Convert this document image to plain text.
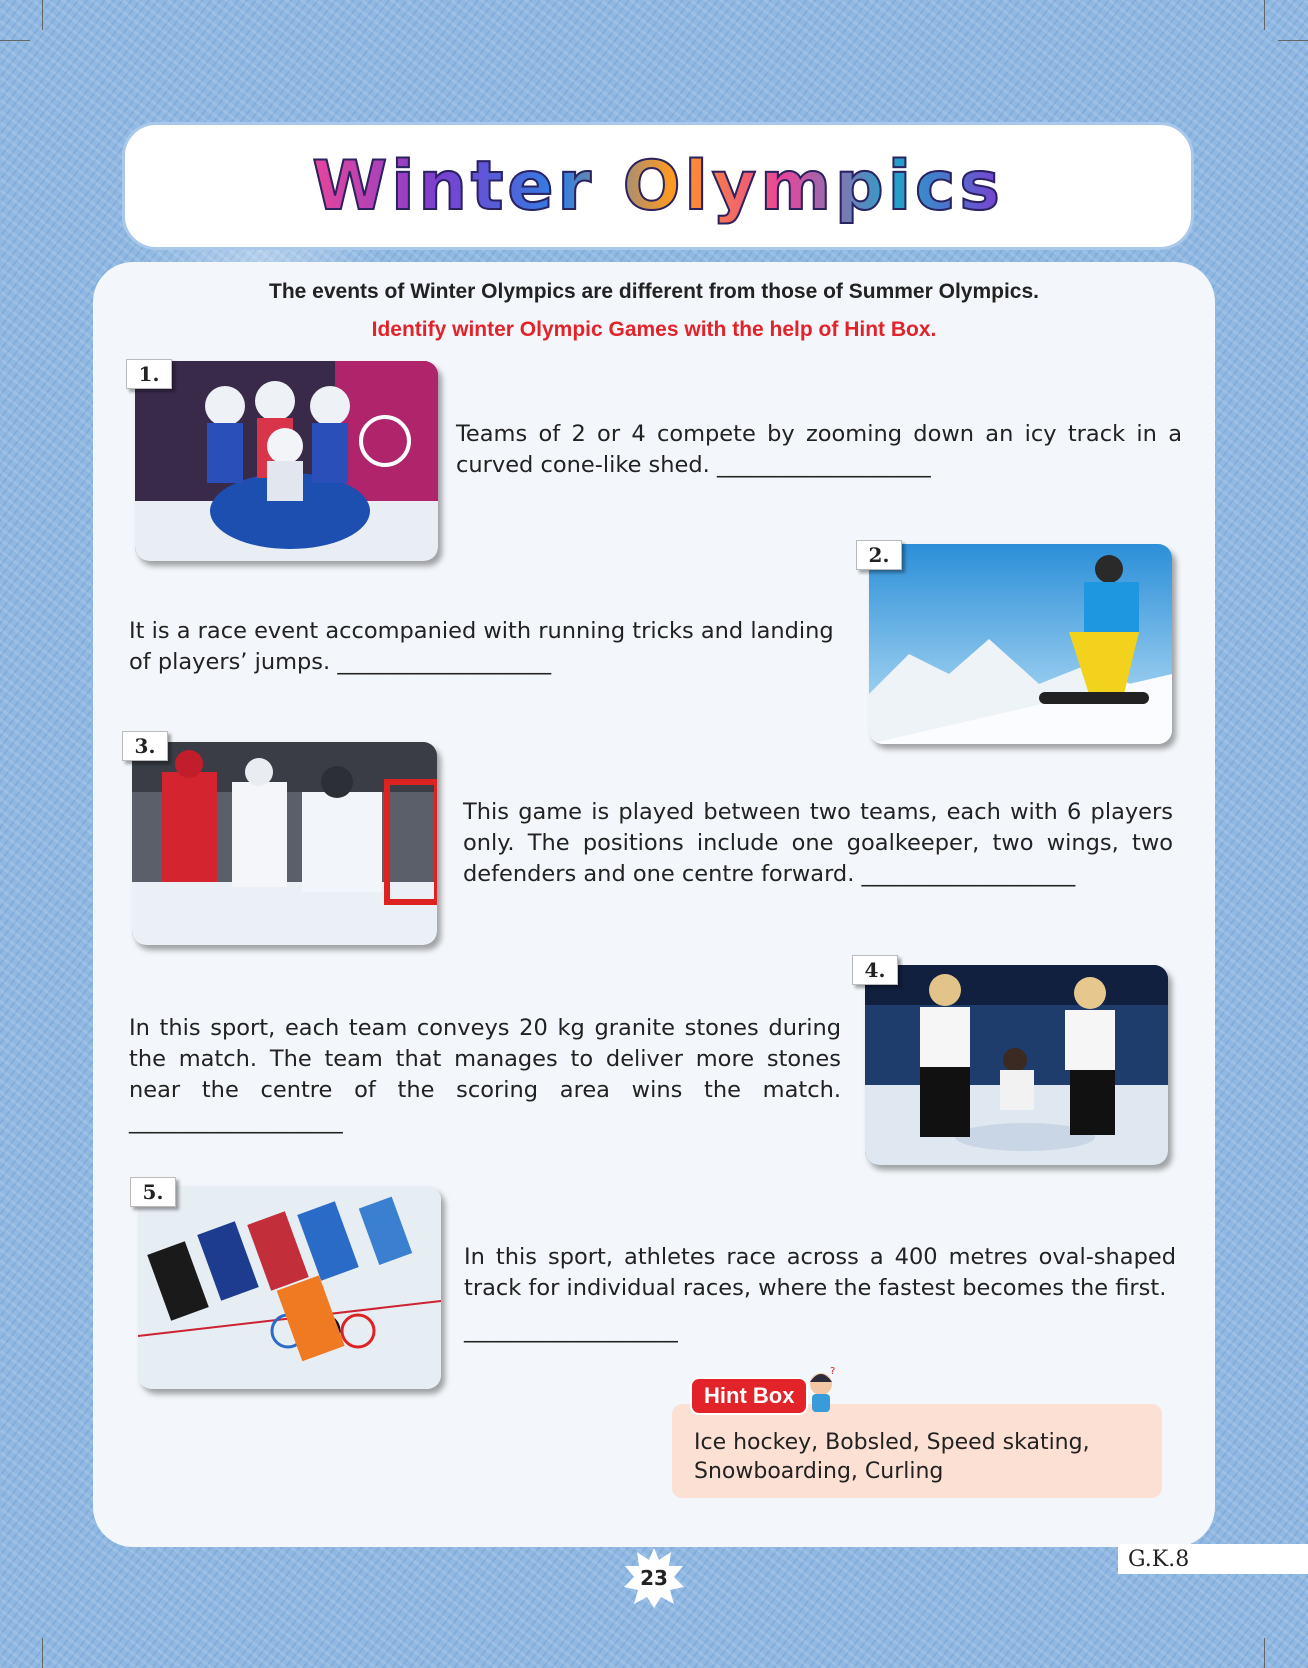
Winter Olympics
The events of Winter Olympics are different from those of Summer Olympics.
Identify winter Olympic Games with the help of Hint Box.
1.
Teams of 2 or 4 compete by zooming down an icy track in a curved cone-like shed. ___________________
2.
It is a race event accompanied with running tricks and landing of players’ jumps. ___________________
3.
This game is played between two teams, each with 6 players only. The positions include one goalkeeper, two wings, two defenders and one centre forward. ___________________
4.
In this sport, each team conveys 20 kg granite stones during the match. The team that manages to deliver more stones near the centre of the scoring area wins the match. ___________________
5.
In this sport, athletes race across a 400 metres oval-shaped track for individual races, where the fastest becomes the first.

___________________
Hint Box
?
Ice hockey, Bobsled, Speed skating, Snowboarding, Curling
23
G.K.8
